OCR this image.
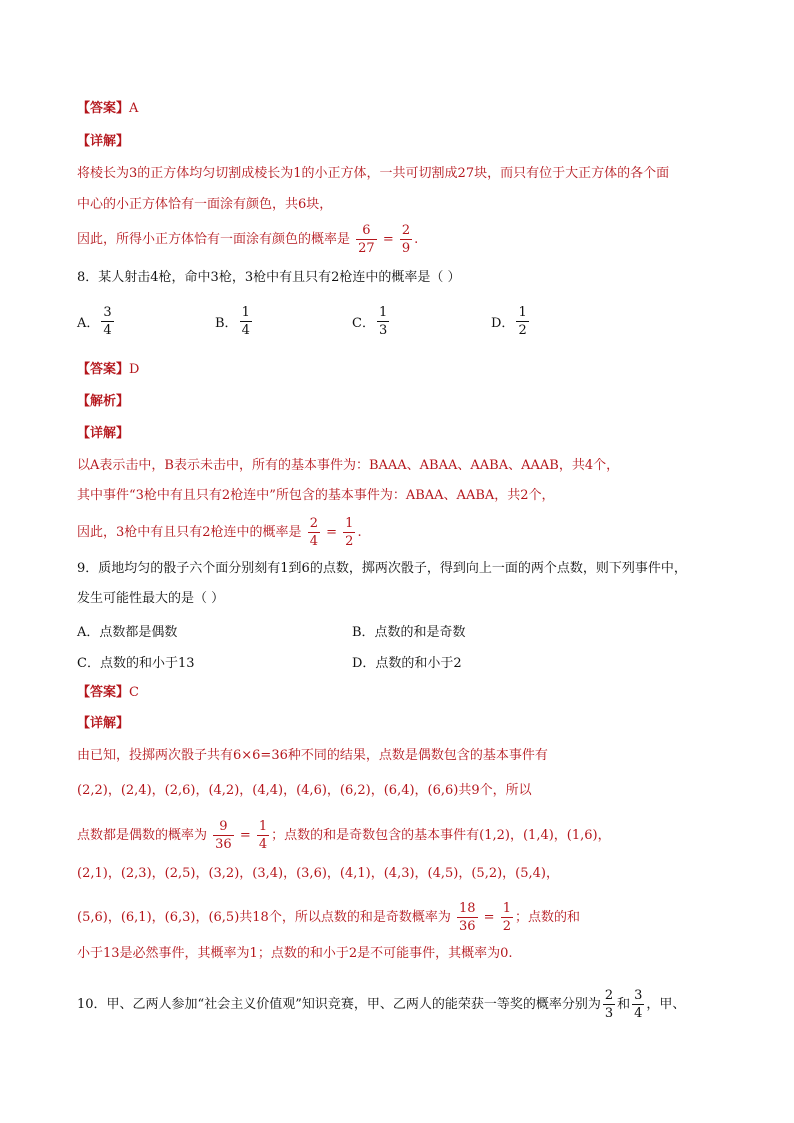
【答案】A
【详解】
将棱长为3的正方体均匀切割成棱长为1的小正方体，一共可切割成27块，而只有位于大正方体的各个面
中心的小正方体恰有一面涂有颜色，共6块，
因此，所得小正方体恰有一面涂有颜色的概率是 $\frac{6}{27} = \frac{2}{9}$ .
8．某人射击4枪，命中3枪，3枪中有且只有2枪连中的概率是（ ）
A． $\frac{3}{4}$	B． $\frac{1}{4}$	C． $\frac{1}{3}$	D． $\frac{1}{2}$
【答案】D
【解析】
【详解】
以A表示击中，B表示未击中，所有的基本事件为：BAAA、ABAA、AABA、AAAB，共4个，
其中事件“3枪中有且只有2枪连中”所包含的基本事件为：ABAA、AABA，共2个，
因此，3枪中有且只有2枪连中的概率是 $\frac{2}{4} = \frac{1}{2}$ .
9．质地均匀的骰子六个面分别刻有1到6的点数，掷两次骰子，得到向上一面的两个点数，则下列事件中，
发生可能性最大的是（ ）
A．点数都是偶数	B．点数的和是奇数
C．点数的和小于13	D．点数的和小于2
【答案】C
【详解】
由已知，投掷两次骰子共有6×6=36种不同的结果，点数是偶数包含的基本事件有
(2,2)，(2,4)，(2,6)，(4,2)，(4,4)，(4,6)，(6,2)，(6,4)，(6,6)共9个，所以
点数都是偶数的概率为 $\frac{9}{36} = \frac{1}{4}$ ；点数的和是奇数包含的基本事件有(1,2)，(1,4)，(1,6)，
(2,1)，(2,3)，(2,5)，(3,2)，(3,4)，(3,6)，(4,1)，(4,3)，(4,5)，(5,2)，(5,4)，
(5,6)，(6,1)，(6,3)，(6,5)共18个，所以点数的和是奇数概率为 $\frac{18}{36} = \frac{1}{2}$ ；点数的和
小于13是必然事件，其概率为1；点数的和小于2是不可能事件，其概率为0.
10．甲、乙两人参加“社会主义价值观”知识竞赛，甲、乙两人的能荣获一等奖的概率分别为 $\frac{2}{3}$ 和 $\frac{3}{4}$ ，甲、
